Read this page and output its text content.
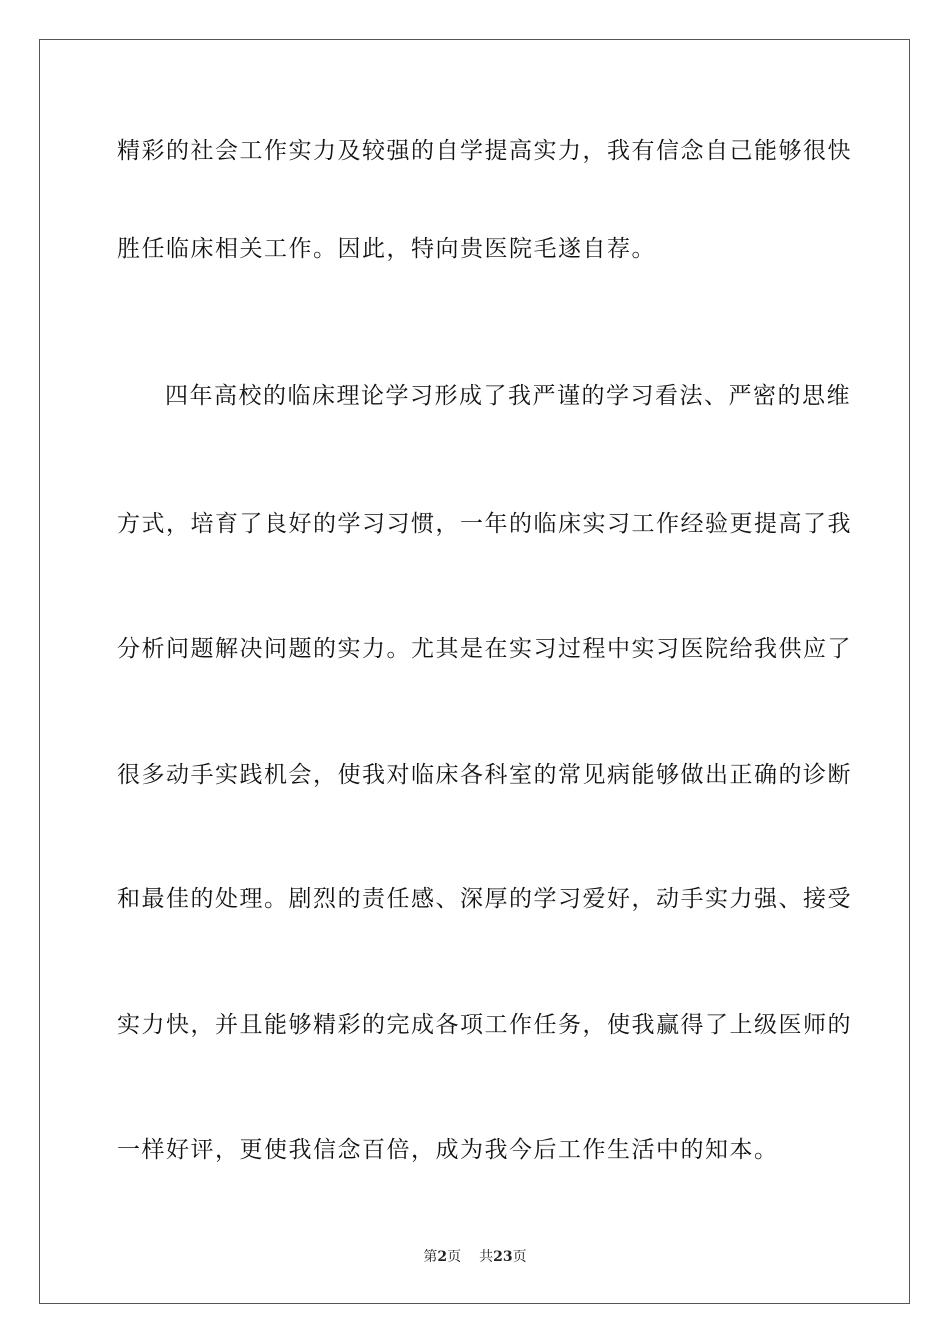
精彩的社会工作实力及较强的自学提高实力，我有信念自己能够很快
胜任临床相关工作。因此，特向贵医院毛遂自荐。
四年高校的临床理论学习形成了我严谨的学习看法、严密的思维
方式，培育了良好的学习习惯，一年的临床实习工作经验更提高了我
分析问题解决问题的实力。尤其是在实习过程中实习医院给我供应了
很多动手实践机会，使我对临床各科室的常见病能够做出正确的诊断
和最佳的处理。剧烈的责任感、深厚的学习爱好，动手实力强、接受
实力快，并且能够精彩的完成各项工作任务，使我赢得了上级医师的
一样好评，更使我信念百倍，成为我今后工作生活中的知本。
第2页 共23页
